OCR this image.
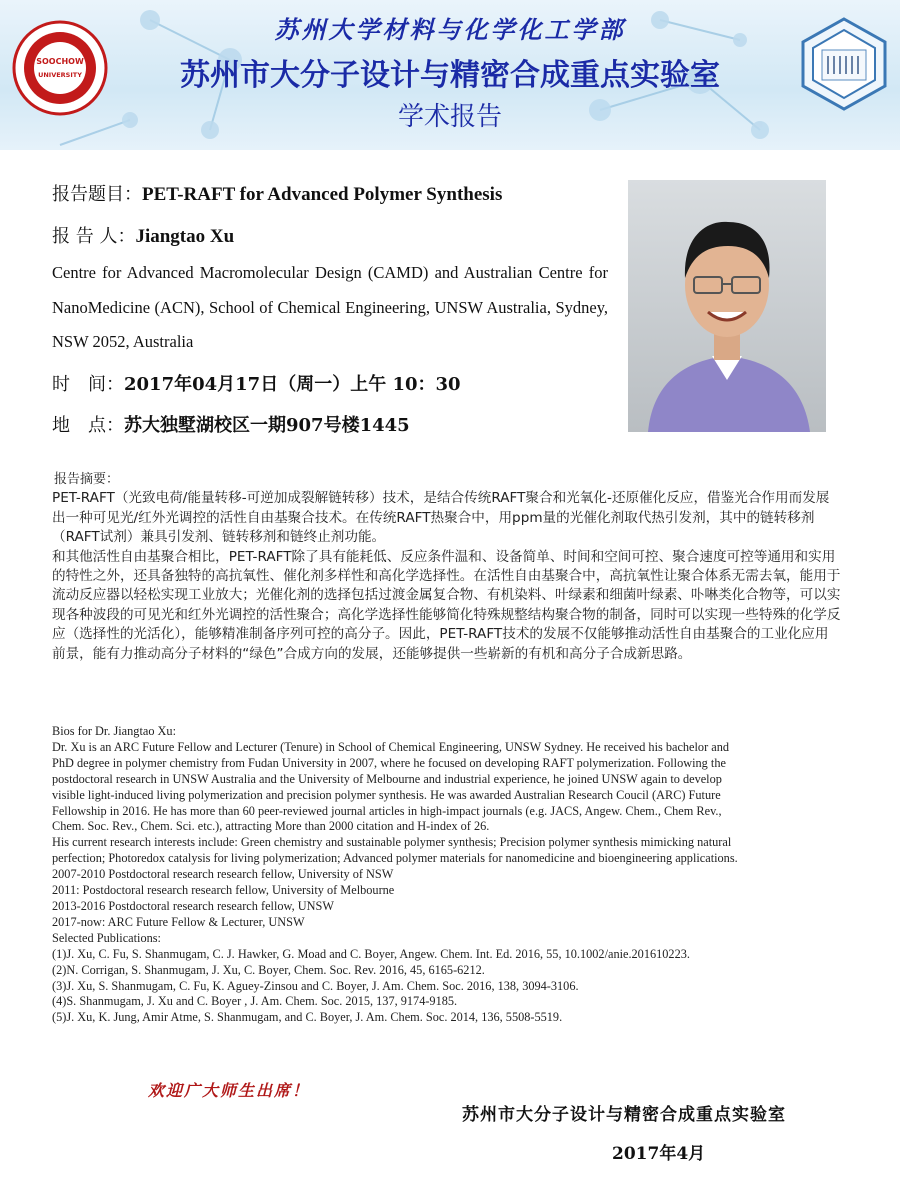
SOOCHOW
UNIVERSITY
苏州大学材料与化学化工学部
苏州市大分子设计与精密合成重点实验室
学术报告
报告题目：PET-RAFT for Advanced Polymer Synthesis
报 告 人：Jiangtao Xu
Centre for Advanced Macromolecular Design (CAMD) and Australian Centre for NanoMedicine (ACN), School of Chemical Engineering, UNSW Australia, Sydney, NSW 2052, Australia
时　间：2017年04月17日（周一）上午 10：30
地　点：苏大独墅湖校区一期907号楼1445
报告摘要：

PET-RAFT（光致电荷/能量转移-可逆加成裂解链转移）技术，是结合传统RAFT聚合和光氧化-还原催化反应，借鉴光合作用而发展出一种可见光/红外光调控的活性自由基聚合技术。在传统RAFT热聚合中，用ppm量的光催化剂取代热引发剂，其中的链转移剂（RAFT试剂）兼具引发剂、链转移剂和链终止剂功能。

和其他活性自由基聚合相比，PET-RAFT除了具有能耗低、反应条件温和、设备简单、时间和空间可控、聚合速度可控等通用和实用的特性之外，还具备独特的高抗氧性、催化剂多样性和高化学选择性。在活性自由基聚合中，高抗氧性让聚合体系无需去氧，能用于流动反应器以轻松实现工业放大；光催化剂的选择包括过渡金属复合物、有机染料、叶绿素和细菌叶绿素、卟啉类化合物等，可以实现各种波段的可见光和红外光调控的活性聚合；高化学选择性能够简化特殊规整结构聚合物的制备，同时可以实现一些特殊的化学反应（选择性的光活化），能够精准制备序列可控的高分子。因此，PET-RAFT技术的发展不仅能够推动活性自由基聚合的工业化应用前景，能有力推动高分子材料的“绿色”合成方向的发展，还能够提供一些崭新的有机和高分子合成新思路。

Bios for Dr. Jiangtao Xu:
Dr. Xu is an ARC Future Fellow and Lecturer (Tenure) in School of Chemical Engineering, UNSW Sydney. He received his bachelor and
PhD degree in polymer chemistry from Fudan University in 2007, where he focused on developing RAFT polymerization. Following the
postdoctoral research in UNSW Australia and the University of Melbourne and industrial experience, he joined UNSW again to develop
visible light-induced living polymerization and precision polymer synthesis. He was awarded Australian Research Coucil (ARC) Future
Fellowship in 2016. He has more than 60 peer-reviewed journal articles in high-impact journals (e.g. JACS, Angew. Chem., Chem Rev.,
Chem. Soc. Rev., Chem. Sci. etc.), attracting More than 2000 citation and H-index of 26.
His current research interests include: Green chemistry and sustainable polymer synthesis; Precision polymer synthesis mimicking natural
perfection; Photoredox catalysis for living polymerization; Advanced polymer materials for nanomedicine and bioengineering applications.
2007-2010 Postdoctoral research research fellow, University of NSW
2011: Postdoctoral research research fellow, University of Melbourne
2013-2016 Postdoctoral research research fellow, UNSW
2017-now: ARC Future Fellow & Lecturer, UNSW
Selected Publications:
(1)J. Xu, C. Fu, S. Shanmugam, C. J. Hawker, G. Moad and C. Boyer, Angew. Chem. Int. Ed. 2016, 55, 10.1002/anie.201610223.
(2)N. Corrigan, S. Shanmugam, J. Xu, C. Boyer, Chem. Soc. Rev. 2016, 45, 6165-6212.
(3)J. Xu, S. Shanmugam, C. Fu, K. Aguey-Zinsou and C. Boyer, J. Am. Chem. Soc. 2016, 138, 3094-3106.
(4)S. Shanmugam, J. Xu and C. Boyer , J. Am. Chem. Soc. 2015, 137, 9174-9185.
(5)J. Xu, K. Jung, Amir Atme, S. Shanmugam, and C. Boyer, J. Am. Chem. Soc. 2014, 136, 5508-5519.
欢迎广大师生出席！
苏州市大分子设计与精密合成重点实验室
2017年4月
